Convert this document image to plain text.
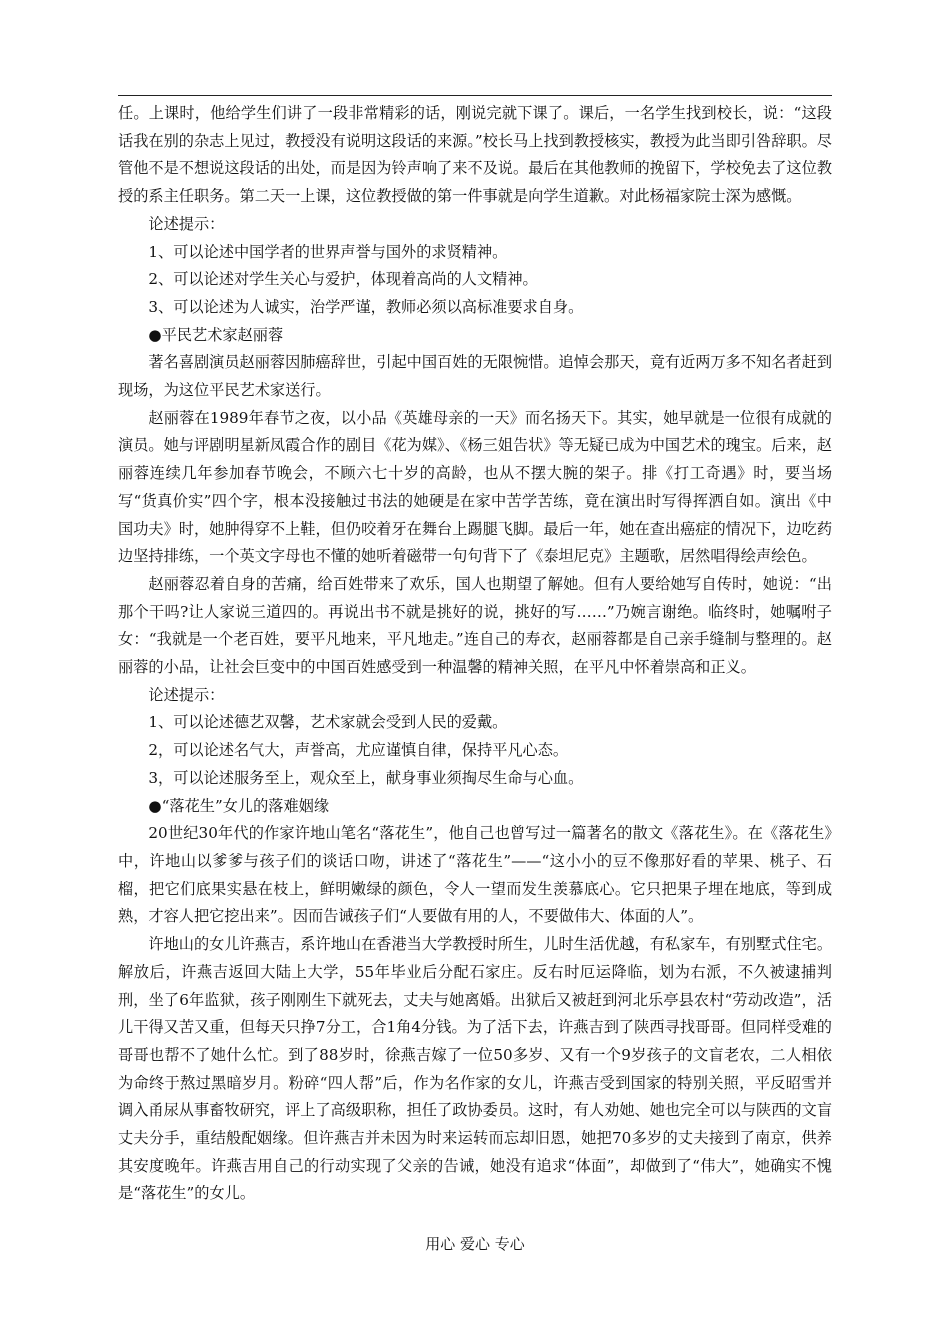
任。上课时，他给学生们讲了一段非常精彩的话，刚说完就下课了。课后，一名学生找到校长，说：“这段话我在别的杂志上见过，教授没有说明这段话的来源。”校长马上找到教授核实，教授为此当即引咎辞职。尽管他不是不想说这段话的出处，而是因为铃声响了来不及说。最后在其他教师的挽留下，学校免去了这位教授的系主任职务。第二天一上课，这位教授做的第一件事就是向学生道歉。对此杨福家院士深为感慨。

论述提示：

1、可以论述中国学者的世界声誉与国外的求贤精神。

2、可以论述对学生关心与爱护，体现着高尚的人文精神。

3、可以论述为人诚实，治学严谨，教师必须以高标准要求自身。

●平民艺术家赵丽蓉

著名喜剧演员赵丽蓉因肺癌辞世，引起中国百姓的无限惋惜。追悼会那天，竟有近两万多不知名者赶到现场，为这位平民艺术家送行。

赵丽蓉在1989年春节之夜，以小品《英雄母亲的一天》而名扬天下。其实，她早就是一位很有成就的演员。她与评剧明星新凤霞合作的剧目《花为媒》、《杨三姐告状》等无疑已成为中国艺术的瑰宝。后来，赵丽蓉连续几年参加春节晚会，不顾六七十岁的高龄，也从不摆大腕的架子。排《打工奇遇》时，要当场写“货真价实”四个字，根本没接触过书法的她硬是在家中苦学苦练，竟在演出时写得挥洒自如。演出《中国功夫》时，她肿得穿不上鞋，但仍咬着牙在舞台上踢腿飞脚。最后一年，她在查出癌症的情况下，边吃药边坚持排练，一个英文字母也不懂的她听着磁带一句句背下了《泰坦尼克》主题歌，居然唱得绘声绘色。

赵丽蓉忍着自身的苦痛，给百姓带来了欢乐，国人也期望了解她。但有人要给她写自传时，她说：“出那个干吗?让人家说三道四的。再说出书不就是挑好的说，挑好的写……”乃婉言谢绝。临终时，她嘱咐子女：“我就是一个老百姓，要平凡地来，平凡地走。”连自己的寿衣，赵丽蓉都是自己亲手缝制与整理的。赵丽蓉的小品，让社会巨变中的中国百姓感受到一种温馨的精神关照，在平凡中怀着崇高和正义。

论述提示：

1、可以论述德艺双馨，艺术家就会受到人民的爱戴。

2，可以论述名气大，声誉高，尤应谨慎自律，保持平凡心态。

3，可以论述服务至上，观众至上，献身事业须掏尽生命与心血。

●“落花生”女儿的落难姻缘

20世纪30年代的作家许地山笔名“落花生”，他自己也曾写过一篇著名的散文《落花生》。在《落花生》中，许地山以爹爹与孩子们的谈话口吻，讲述了“落花生”——“这小小的豆不像那好看的苹果、桃子、石榴，把它们底果实悬在枝上，鲜明嫩绿的颜色，令人一望而发生羡慕底心。它只把果子埋在地底，等到成熟，才容人把它挖出来”。因而告诫孩子们“人要做有用的人，不要做伟大、体面的人”。

许地山的女儿许燕吉，系许地山在香港当大学教授时所生，儿时生活优越，有私家车，有别墅式住宅。解放后，许燕吉返回大陆上大学，55年毕业后分配石家庄。反右时厄运降临，划为右派，不久被逮捕判刑，坐了6年监狱，孩子刚刚生下就死去，丈夫与她离婚。出狱后又被赶到河北乐亭县农村“劳动改造”，活儿干得又苦又重，但每天只挣7分工，合1角4分钱。为了活下去，许燕吉到了陕西寻找哥哥。但同样受难的哥哥也帮不了她什么忙。到了88岁时，徐燕吉嫁了一位50多岁、又有一个9岁孩子的文盲老农，二人相依为命终于熬过黑暗岁月。粉碎“四人帮”后，作为名作家的女儿，许燕吉受到国家的特别关照，平反昭雪并调入甬尿从事畜牧研究，评上了高级职称，担任了政协委员。这时，有人劝她、她也完全可以与陕西的文盲丈夫分手，重结般配姻缘。但许燕吉并未因为时来运转而忘却旧恩，她把70多岁的丈夫接到了南京，供养其安度晚年。许燕吉用自己的行动实现了父亲的告诫，她没有追求“体面”，却做到了“伟大”，她确实不愧是“落花生”的女儿。

用心 爱心 专心
